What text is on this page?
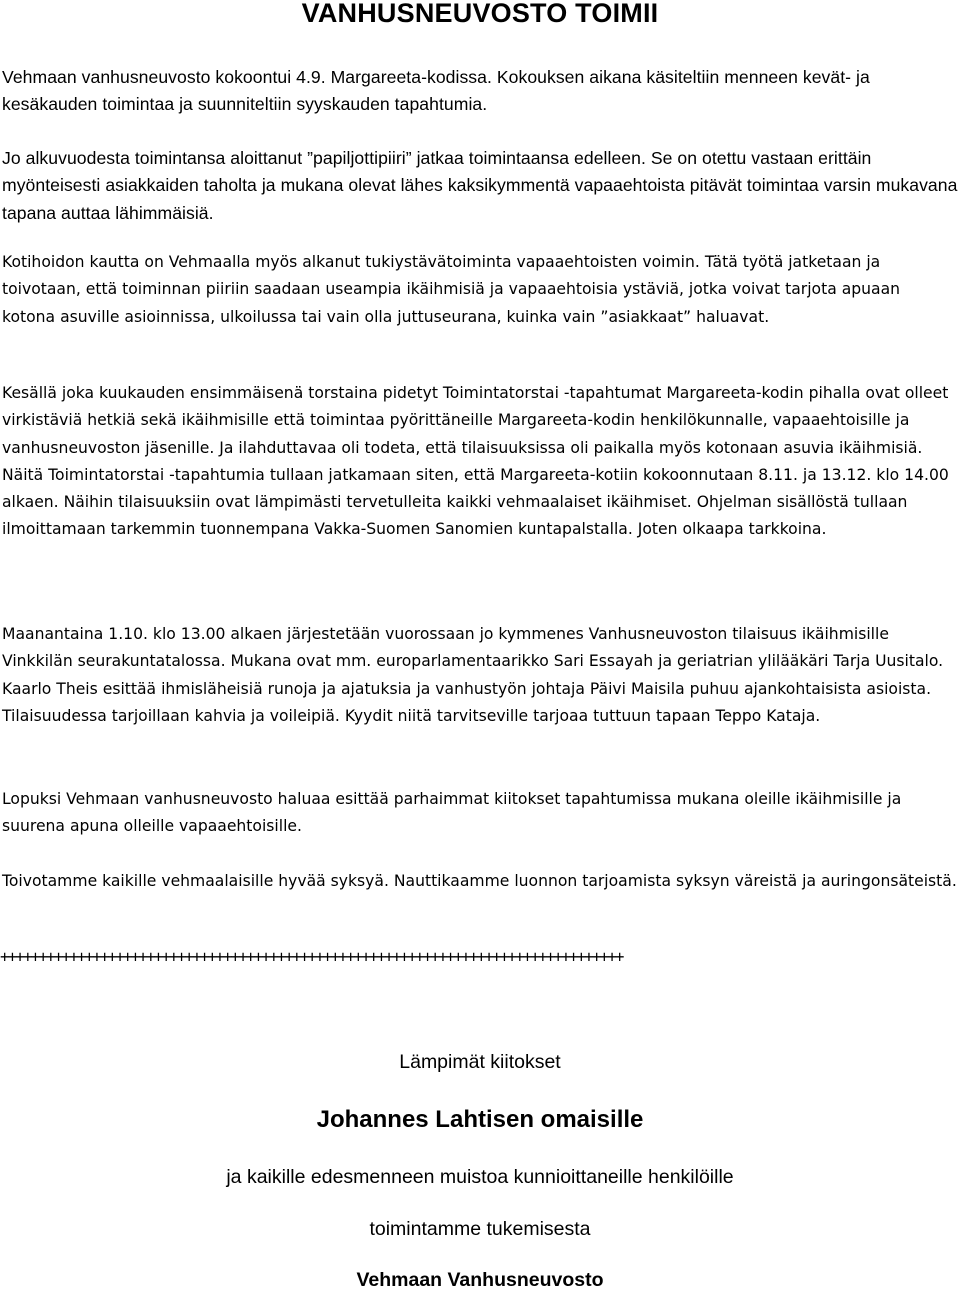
VANHUSNEUVOSTO TOIMII

Vehmaan vanhusneuvosto kokoontui 4.9. Margareeta-kodissa. Kokouksen aikana käsiteltiin menneen kevät- ja kesäkauden toimintaa ja suunniteltiin syyskauden tapahtumia.

Jo alkuvuodesta toimintansa aloittanut ”papiljottipiiri” jatkaa toimintaansa edelleen. Se on otettu vastaan erittäin myönteisesti asiakkaiden taholta ja mukana olevat lähes kaksikymmentä vapaaehtoista pitävät toimintaa varsin mukavana tapana auttaa lähimmäisiä.

Kotihoidon kautta on Vehmaalla myös alkanut tukiystävätoiminta vapaaehtoisten voimin. Tätä työtä jatketaan ja toivotaan, että toiminnan piiriin saadaan useampia ikäihmisiä ja vapaaehtoisia ystäviä, jotka voivat tarjota apuaan kotona asuville asioinnissa, ulkoilussa tai vain olla juttuseurana, kuinka vain ”asiakkaat” haluavat.

Kesällä joka kuukauden ensimmäisenä torstaina pidetyt Toimintatorstai -tapahtumat Margareeta-kodin pihalla ovat olleet virkistäviä hetkiä sekä ikäihmisille että toimintaa pyörittäneille Margareeta-kodin henkilökunnalle, vapaaehtoisille ja vanhusneuvoston jäsenille. Ja ilahduttavaa oli todeta, että tilaisuuksissa oli paikalla myös kotonaan asuvia ikäihmisiä. Näitä Toimintatorstai -tapahtumia tullaan jatkamaan siten, että Margareeta-kotiin kokoonnutaan 8.11. ja 13.12. klo 14.00 alkaen. Näihin tilaisuuksiin ovat lämpimästi tervetulleita kaikki vehmaalaiset ikäihmiset. Ohjelman sisällöstä tullaan ilmoittamaan tarkemmin tuonnempana Vakka-Suomen Sanomien kuntapalstalla. Joten olkaapa tarkkoina.

Maanantaina 1.10. klo 13.00 alkaen järjestetään vuorossaan jo kymmenes Vanhusneuvoston tilaisuus ikäihmisille Vinkkilän seurakuntatalossa. Mukana ovat mm. europarlamentaarikko Sari Essayah ja geriatrian ylilääkäri Tarja Uusitalo. Kaarlo Theis esittää ihmisläheisiä runoja ja ajatuksia ja vanhustyön johtaja Päivi Maisila puhuu ajankohtaisista asioista. Tilaisuudessa tarjoillaan kahvia ja voileipiä. Kyydit niitä tarvitseville tarjoaa tuttuun tapaan Teppo Kataja.

Lopuksi Vehmaan vanhusneuvosto haluaa esittää parhaimmat kiitokset tapahtumissa mukana oleille ikäihmisille ja suurena apuna olleille vapaaehtoisille.

Toivotamme kaikille vehmaalaisille hyvää syksyä. Nauttikaamme luonnon tarjoamista syksyn väreistä ja auringonsäteistä.

+++++++++++++++++++++++++++++++++++++++++++++++++++++++++++++++++++++++++++++++++

Lämpimät kiitokset

Johannes Lahtisen omaisille

ja kaikille edesmenneen muistoa kunnioittaneille henkilöille

toimintamme tukemisesta

Vehmaan Vanhusneuvosto
